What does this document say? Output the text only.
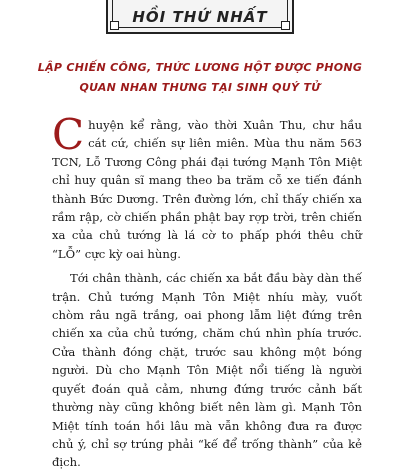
HỒI THỨ NHẤT
LẬP CHIẾN CÔNG, THỨC LƯƠNG HỘT ĐƯỢC PHONG QUAN NHAN THƯNG TẠI SINH QUÝ TỬ

Chuyện kể rằng, vào thời Xuân Thu, chư hầu cát cứ, chiến sự liên miên. Mùa thu năm 563 TCN, Lỗ Tương Công phái đại tướng Mạnh Tôn Miệt chỉ huy quân sĩ mang theo ba trăm cỗ xe tiến đánh thành Bức Dương. Trên đường lớn, chỉ thấy chiến xa rầm rập, cờ chiến phần phật bay rợp trời, trên chiến xa của chủ tướng là lá cờ to phấp phới thêu chữ “LỖ” cực kỳ oai hùng.

Tới chân thành, các chiến xa bắt đầu bày dàn thế trận. Chủ tướng Mạnh Tôn Miệt nhíu mày, vuốt chòm râu ngã trắng, oai phong lẫm liệt đứng trên chiến xa của chủ tướng, chăm chú nhìn phía trước. Cửa thành đóng chặt, trước sau không một bóng người. Dù cho Mạnh Tôn Miệt nổi tiếng là người quyết đoán quả cảm, nhưng đứng trước cảnh bất thường này cũng không biết nên làm gì. Mạnh Tôn Miệt tính toán hồi lâu mà vẫn không đưa ra được chủ ý, chỉ sợ trúng phải “kế để trống thành” của kẻ địch.
